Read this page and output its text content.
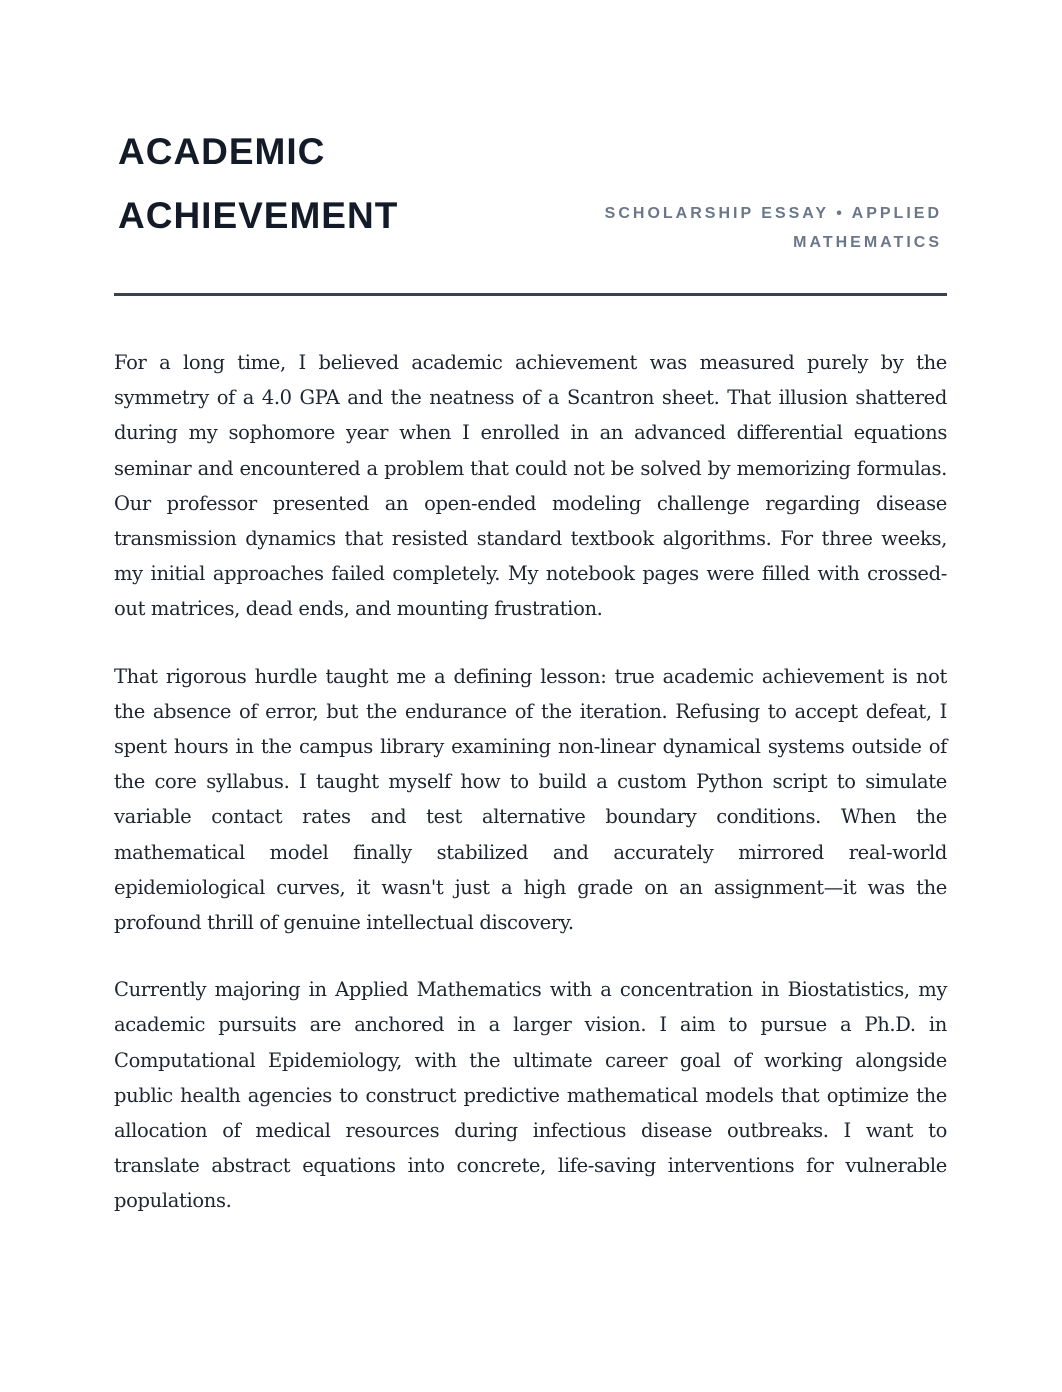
ACADEMIC ACHIEVEMENT	SCHOLARSHIP ESSAY • APPLIED MATHEMATICS

For a long time, I believed academic achievement was measured purely by the symmetry of a 4.0 GPA and the neatness of a Scantron sheet. That illusion shattered during my sophomore year when I enrolled in an advanced differential equations seminar and encountered a problem that could not be solved by memorizing formulas. Our professor presented an open-ended modeling challenge regarding disease transmission dynamics that resisted standard textbook algorithms. For three weeks, my initial approaches failed completely. My notebook pages were filled with crossed-out matrices, dead ends, and mounting frustration.

That rigorous hurdle taught me a defining lesson: true academic achievement is not the absence of error, but the endurance of the iteration. Refusing to accept defeat, I spent hours in the campus library examining non-linear dynamical systems outside of the core syllabus. I taught myself how to build a custom Python script to simulate variable contact rates and test alternative boundary conditions. When the mathematical model finally stabilized and accurately mirrored real-world epidemiological curves, it wasn't just a high grade on an assignment—it was the profound thrill of genuine intellectual discovery.

Currently majoring in Applied Mathematics with a concentration in Biostatistics, my academic pursuits are anchored in a larger vision. I aim to pursue a Ph.D. in Computational Epidemiology, with the ultimate career goal of working alongside public health agencies to construct predictive mathematical models that optimize the allocation of medical resources during infectious disease outbreaks. I want to translate abstract equations into concrete, life-saving interventions for vulnerable populations.
